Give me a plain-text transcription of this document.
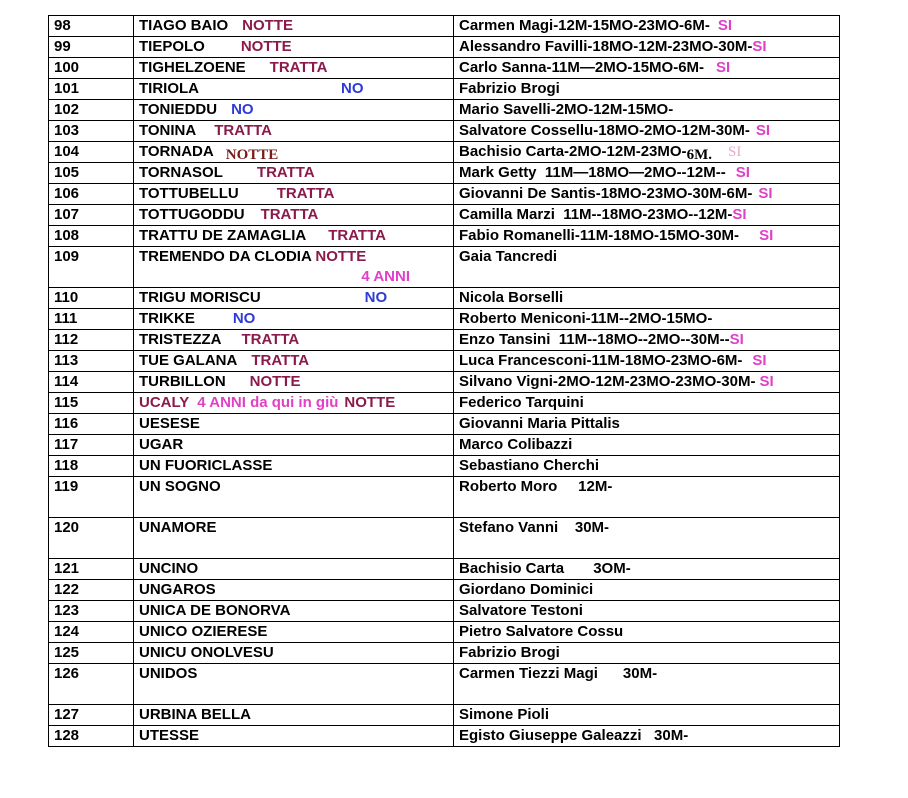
98	TIAGO BAIO NOTTE	Carmen Magi-12M-15MO-23MO-6M- SI
99	TIEPOLO NOTTE	Alessandro Favilli-18MO-12M-23MO-30M-SI
100	TIGHELZOENE TRATTA	Carlo Sanna-11M—2MO-15MO-6M- SI
101	TIRIOLA NO	Fabrizio Brogi
102	TONIEDDU NO	Mario Savelli-2MO-12M-15MO-
103	TONINA TRATTA	Salvatore Cossellu-18MO-2MO-12M-30M- SI
104	TORNADA NOTTE	Bachisio Carta-2MO-12M-23MO-6M. SI
105	TORNASOL TRATTA	Mark Getty  11M—18MO—2MO--12M-- SI
106	TOTTUBELLU TRATTA	Giovanni De Santis-18MO-23MO-30M-6M- SI
107	TOTTUGODDU TRATTA	Camilla Marzi  11M--18MO-23MO--12M-SI
108	TRATTU DE ZAMAGLIA TRATTA	Fabio Romanelli-11M-18MO-15MO-30M- SI
109	TREMENDO DA CLODIA NOTTE
4 ANNI	Gaia Tancredi
110	TRIGU MORISCU NO	Nicola Borselli
111	TRIKKE NO	Roberto Meniconi-11M--2MO-15MO-
112	TRISTEZZA TRATTA	Enzo Tansini  11M--18MO--2MO--30M--SI
113	TUE GALANA TRATTA	Luca Francesconi-11M-18MO-23MO-6M- SI
114	TURBILLON NOTTE	Silvano Vigni-2MO-12M-23MO-23MO-30M- SI
115	UCALY 4 ANNI da qui in giù NOTTE	Federico Tarquini
116	UESESE	Giovanni Maria Pittalis
117	UGAR	Marco Colibazzi
118	UN FUORICLASSE	Sebastiano Cherchi
119	UN SOGNO	Roberto Moro     12M-
120	UNAMORE	Stefano Vanni    30M-
121	UNCINO	Bachisio Carta       3OM-
122	UNGAROS	Giordano Dominici
123	UNICA DE BONORVA	Salvatore Testoni
124	UNICO OZIERESE	Pietro Salvatore Cossu
125	UNICU ONOLVESU	Fabrizio Brogi
126	UNIDOS	Carmen Tiezzi Magi      30M-
127	URBINA BELLA	Simone Pioli
128	UTESSE	Egisto Giuseppe Galeazzi   30M-
